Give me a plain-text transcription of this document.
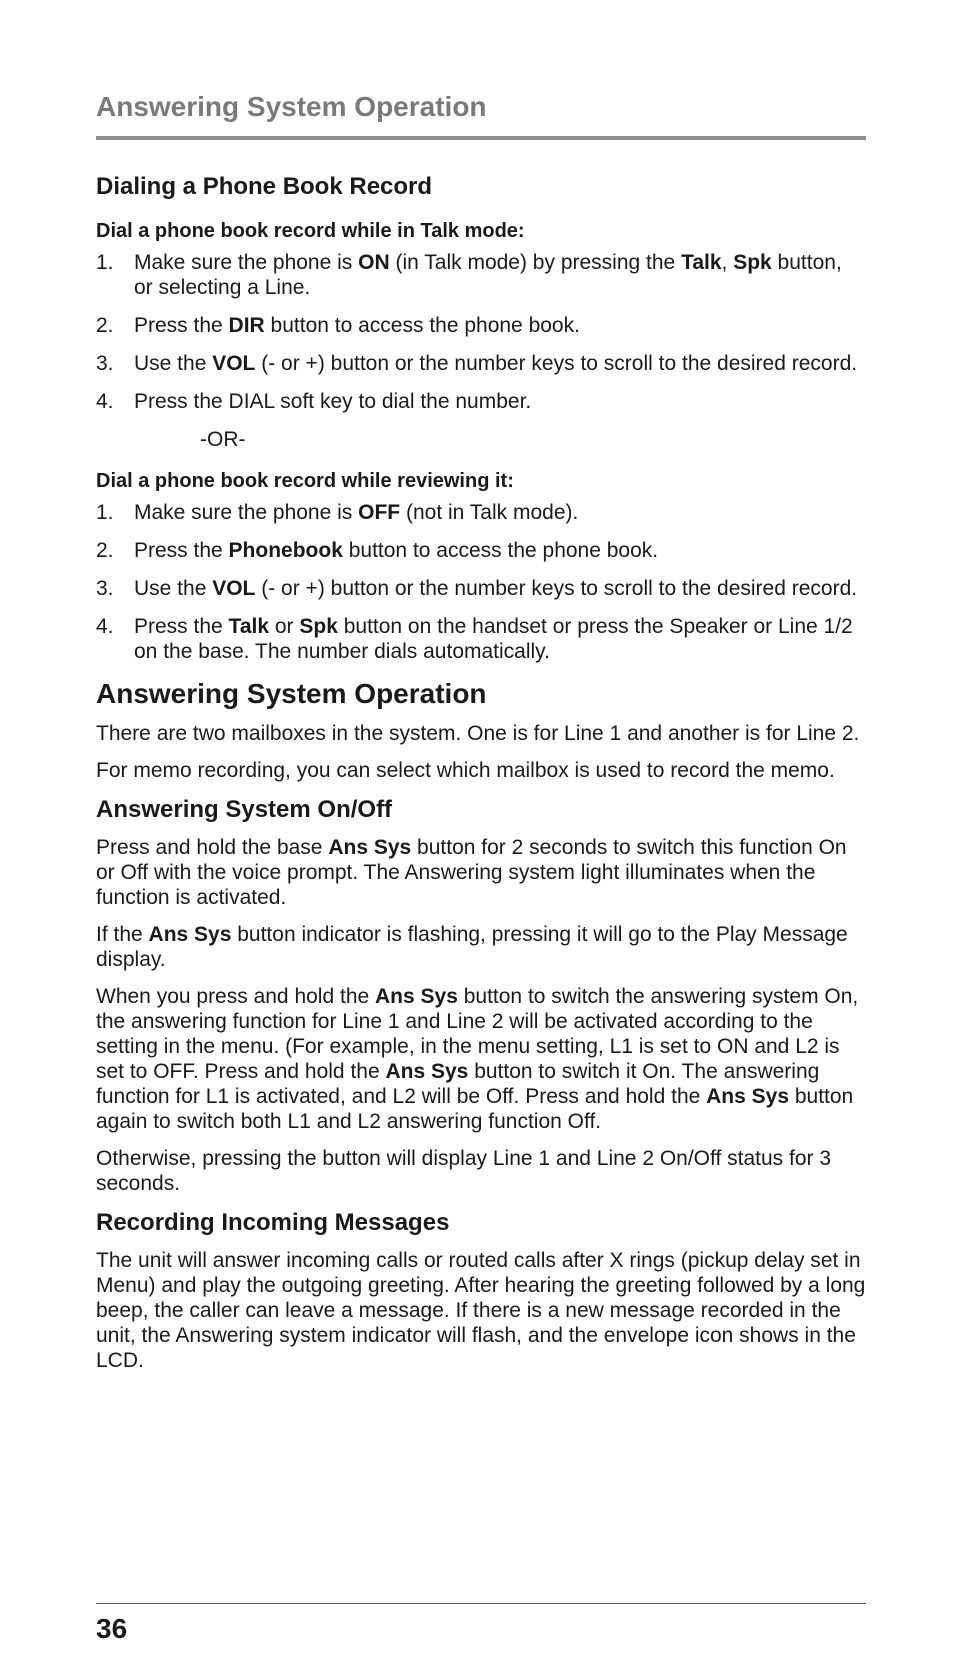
Answering System Operation
Dialing a Phone Book Record
Dial a phone book record while in Talk mode:
1. Make sure the phone is ON (in Talk mode) by pressing the Talk, Spk button, or selecting a Line.
2. Press the DIR button to access the phone book.
3. Use the VOL (- or +) button or the number keys to scroll to the desired record.
4. Press the DIAL soft key to dial the number.
-OR-
Dial a phone book record while reviewing it:
1. Make sure the phone is OFF (not in Talk mode).
2. Press the Phonebook button to access the phone book.
3. Use the VOL (- or +) button or the number keys to scroll to the desired record.
4. Press the Talk or Spk button on the handset or press the Speaker or Line 1/2 on the base. The number dials automatically.
Answering System Operation

There are two mailboxes in the system. One is for Line 1 and another is for Line 2.

For memo recording, you can select which mailbox is used to record the memo.

Answering System On/Off

Press and hold the base Ans Sys button for 2 seconds to switch this function On or Off with the voice prompt. The Answering system light illuminates when the function is activated.

If the Ans Sys button indicator is flashing, pressing it will go to the Play Message display.

When you press and hold the Ans Sys button to switch the answering system On, the answering function for Line 1 and Line 2 will be activated according to the setting in the menu. (For example, in the menu setting, L1 is set to ON and L2 is set to OFF. Press and hold the Ans Sys button to switch it On. The answering function for L1 is activated, and L2 will be Off. Press and hold the Ans Sys button again to switch both L1 and L2 answering function Off.

Otherwise, pressing the button will display Line 1 and Line 2 On/Off status for 3 seconds.

Recording Incoming Messages

The unit will answer incoming calls or routed calls after X rings (pickup delay set in Menu) and play the outgoing greeting. After hearing the greeting followed by a long beep, the caller can leave a message. If there is a new message recorded in the unit, the Answering system indicator will flash, and the envelope icon shows in the LCD.

36
